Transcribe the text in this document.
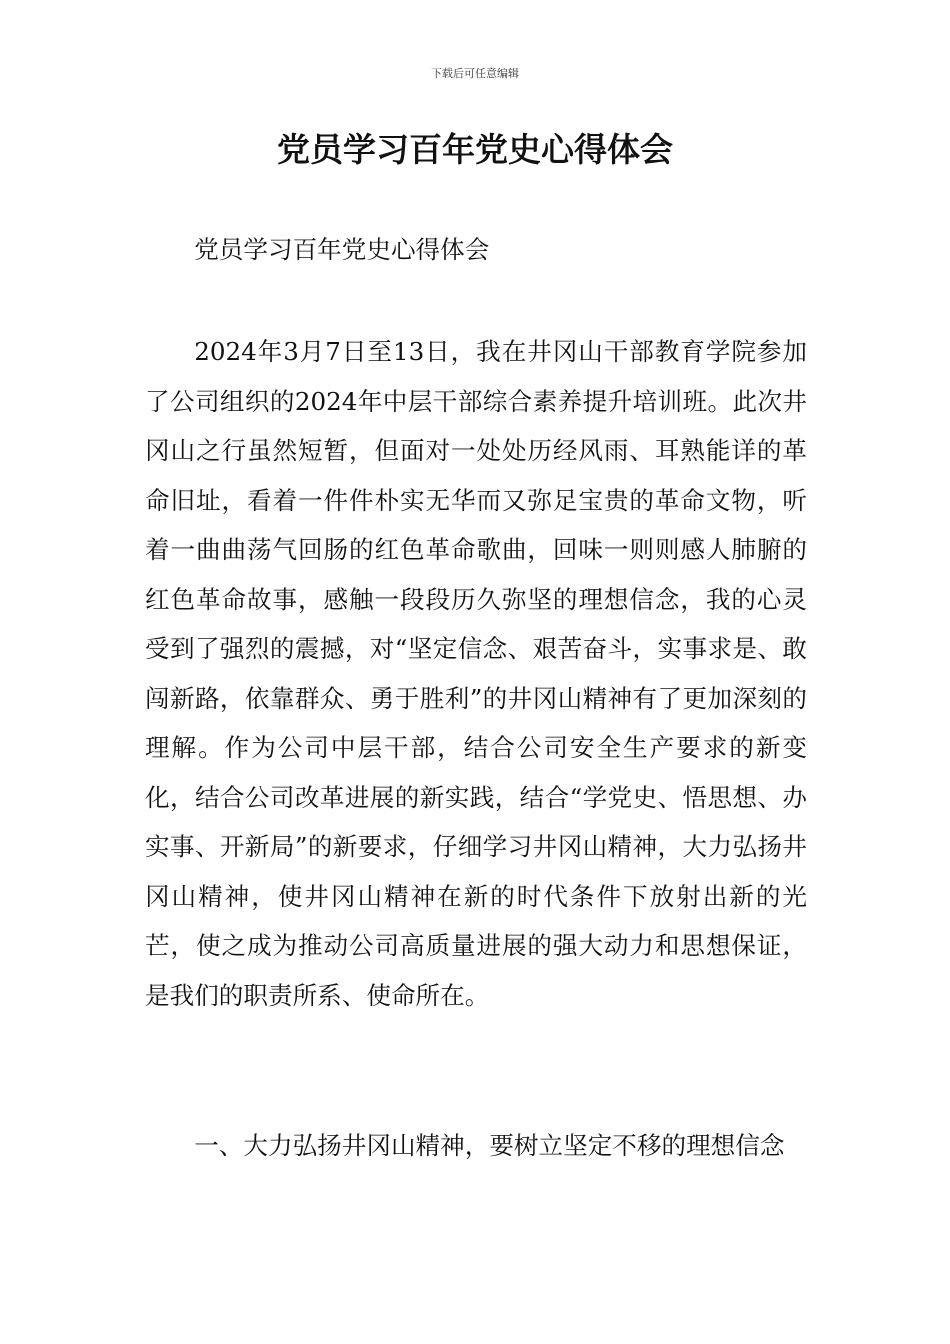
下载后可任意编辑
党员学习百年党史心得体会

党员学习百年党史心得体会

2024年3月7日至13日，我在井冈山干部教育学院参加了公司组织的2024年中层干部综合素养提升培训班。此次井冈山之行虽然短暂，但面对一处处历经风雨、耳熟能详的革命旧址，看着一件件朴实无华而又弥足宝贵的革命文物，听着一曲曲荡气回肠的红色革命歌曲，回味一则则感人肺腑的红色革命故事，感触一段段历久弥坚的理想信念，我的心灵受到了强烈的震撼，对“坚定信念、艰苦奋斗，实事求是、敢闯新路，依靠群众、勇于胜利”的井冈山精神有了更加深刻的理解。作为公司中层干部，结合公司安全生产要求的新变化，结合公司改革进展的新实践，结合“学党史、悟思想、办实事、开新局”的新要求，仔细学习井冈山精神，大力弘扬井冈山精神，使井冈山精神在新的时代条件下放射出新的光芒，使之成为推动公司高质量进展的强大动力和思想保证，是我们的职责所系、使命所在。

一、大力弘扬井冈山精神，要树立坚定不移的理想信念
